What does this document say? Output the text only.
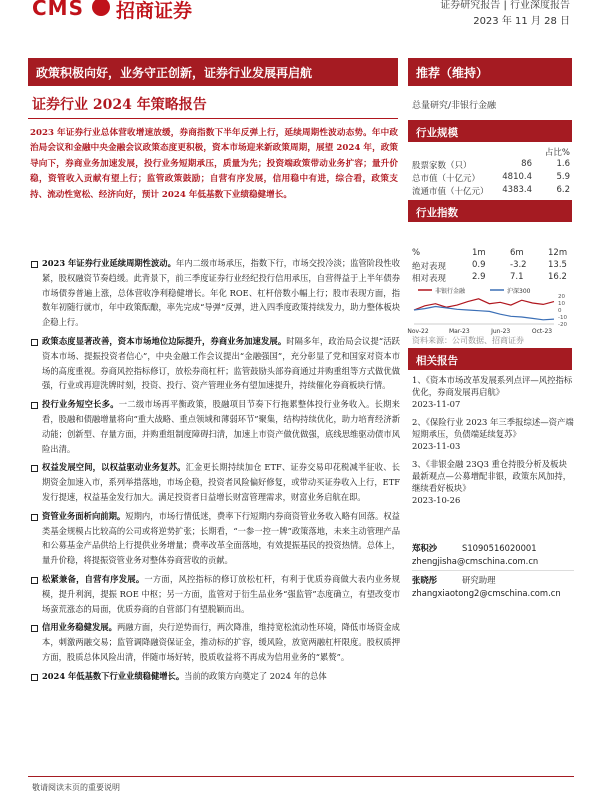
CMS 招商证券	证券研究报告 | 行业深度报告
2023 年 11 月 28 日
政策积极向好，业务守正创新，证券行业发展再启航	推荐（维持）
证券行业 2024 年策略报告	总量研究/非银行金融
2023 年证券行业总体营收增速放缓，券商指数下半年反弹上行，延续周期性波动态势。年中政治局会议和金融中央金融会议政策态度更积极，资本市场迎来新政策周期，展望 2024 年，政策导向下，券商业务加速发展，投行业务短期承压，质量为先；投资端政策带动业务扩容；量升价稳，资管收入贡献有望上行；监管政策鼓励；自营有序发展，信用稳中有进，综合看，政策支持、流动性宽松、经济向好，预计 2024 年低基数下业绩稳健增长。
2023 年证券行业延续周期性波动。年内二级市场承压，指数下行，市场交投冷淡；监管阶段性收紧，股权融资节奏趋缓。此背景下，前三季度证券行业经纪投行信用承压，自营得益于上半年债券市场债券普遍上涨，总体营收净利稳健增长。年化 ROE、杠杆倍数小幅上行；股市表现方面，指数年初随行就市，年中政策酝酿，率先完成“导弹”反弹，进入四季度政策持续发力，助力整体板块企稳上行。
政策态度显著改善，资本市场地位边际提升，券商业务加速发展。时隔多年，政治局会议提“活跃资本市场、提振投资者信心”，中央金融工作会议提出“金融强国”，充分彰显了党和国家对资本市场的高度重视。券商风控指标修订，放松券商杠杆；监管鼓励头部券商通过并购重组等方式做优做强，行业或再迎洗牌时刻，投资、投行、资产管理业务有望加速提升，持续催化券商板块行情。
投行业务短空长多。一二级市场再平衡政策，股融项目节奏下行拖累整体投行业务收入。长期来看，股融和债融增量将向“重大战略、重点领域和薄弱环节”聚集，结构持续优化，助力培育经济新动能；创新型、存量方面，并购重组制度障碍扫清，加速上市资产做优做强，底线思维驱动债市风险出清。
权益发展空间，以权益驱动业务复苏。汇金更长期持续加仓 ETF、证券交易印花税减半征收、长期资金加速入市，系列举措落地，市场企稳，投资者风险偏好修复，或带动买证券收入上行，ETF 发行提速，权益基金发行加大。满足投资者日益增长财富管理需求，财富业务启航在即。
资管业务面析向前期。短期内，市场行情低迷，费率下行短期内券商资管业务收入略有回落。权益类基金规模占比较高的公司或将逆势扩张；长期看，“一参一控一牌”政策落地，未来主动管理产品和公募基金产品供给上行提供业务增量；费率改革全面落地，有效提振基民的投资热情。总体上，量升价稳，将提振资管业务对整体券商营收的贡献。
松紧兼备，自营有序发展。一方面，风控指标的修订放松杠杆，有利于优质券商做大表内业务规模，提升利润，提振 ROE 中枢；另一方面，监管对于衍生品业务“强监管”态度确立，有望改变市场蛮荒涨态的局面，优质券商的自营部门有望脱颖而出。
信用业务稳健发展。两融方面，央行逆势而行，两次降准，维持宽松流动性环境，降低市场资金成本，刺激两融交易；监管调降融资保证金，推动标的扩容，缓风险，放宽两融杠杆限度。股权质押方面，股质总体风险出清，伴随市场好转，股质收益将不再成为信用业务的“累赘”。
2024 年低基数下行业业绩稳健增长。当前的政策方向奠定了 2024 年的总体
行业规模
占比%
股票家数（只）	86	1.6
总市值（十亿元）	4810.4	5.9
流通市值（十亿元） 4383.4	6.2
行业指数
%	1m	6m	12m
绝对表现	0.9	-3.2	13.5
相对表现	2.9	7.1	16.2
非银行金融	沪深300
-20
-10
0
10
20
Nov-22	Mar-23	Jun-23	Oct-23
资料来源：公司数据、招商证券
相关报告
1、《资本市场改革发展系列点评—风控指标优化，券商发展再启航》
2023-11-07
2、《保险行业 2023 年三季报综述—资产端短期承压，负债端延续复苏》
2023-11-03
3、《非银金融 23Q3 重仓持股分析及板块最新观点—公募增配非银，政策东风加持，继续看好板块》
2023-10-26
郑积沙	S1090516020001
zhengjisha@cmschina.com.cn
张晓彤	研究助理
zhangxiaotong2@cmschina.com.cn
敬请阅读末页的重要说明
